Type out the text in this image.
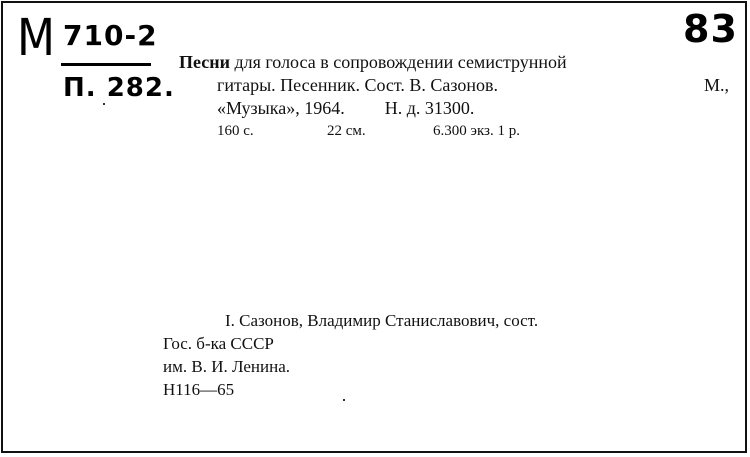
М 710-2
П. 282.
83
Песни
для голоса в сопровождении семиструнной
гитары. Песенник. Сост. В. Сазонов.	М.,
«Музыка», 1964. Н. д. 31300.
160 с.	22 см.	6.300 экз. 1 р.
I. Сазонов, Владимир Станиславович, сост.
Гос. б-ка СССР
им. В. И. Ленина.
Н116—65
